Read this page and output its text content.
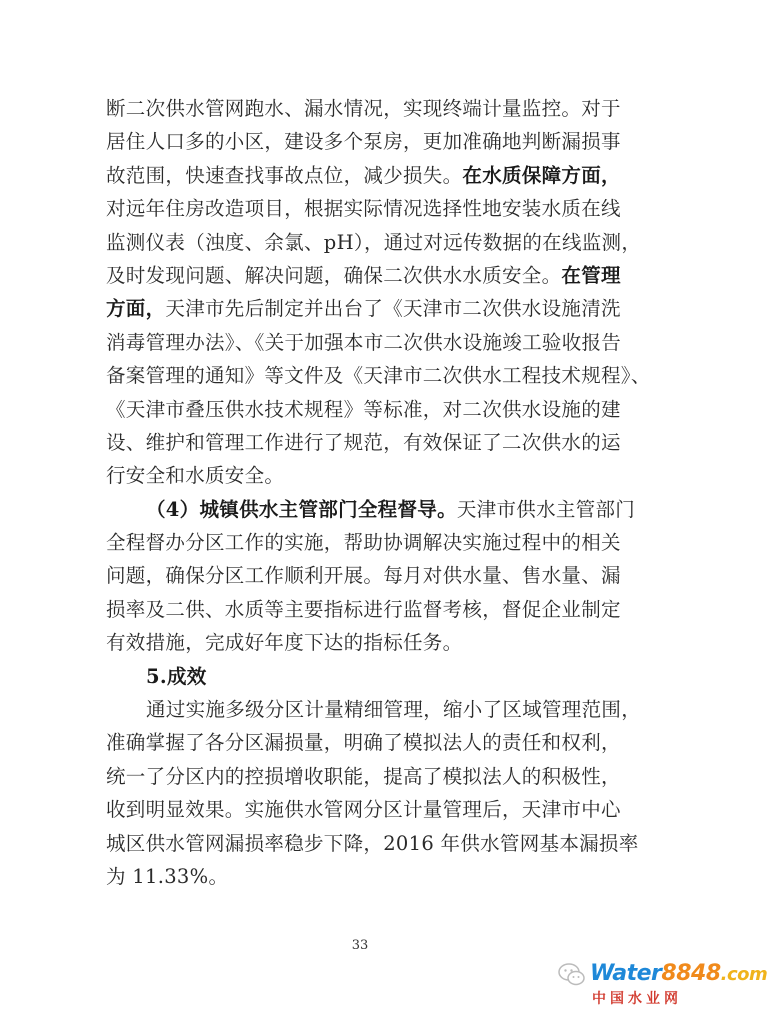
断二次供水管网跑水、漏水情况，实现终端计量监控。对于
居住人口多的小区，建设多个泵房，更加准确地判断漏损事
故范围，快速查找事故点位，减少损失。在水质保障方面，
对远年住房改造项目，根据实际情况选择性地安装水质在线
监测仪表（浊度、余氯、pH），通过对远传数据的在线监测，
及时发现问题、解决问题，确保二次供水水质安全。在管理
方面，天津市先后制定并出台了《天津市二次供水设施清洗
消毒管理办法》、《关于加强本市二次供水设施竣工验收报告
备案管理的通知》等文件及《天津市二次供水工程技术规程》、
《天津市叠压供水技术规程》等标准，对二次供水设施的建
设、维护和管理工作进行了规范，有效保证了二次供水的运
行安全和水质安全。
（4）城镇供水主管部门全程督导。天津市供水主管部门
全程督办分区工作的实施，帮助协调解决实施过程中的相关
问题，确保分区工作顺利开展。每月对供水量、售水量、漏
损率及二供、水质等主要指标进行监督考核，督促企业制定
有效措施，完成好年度下达的指标任务。
5.成效
通过实施多级分区计量精细管理，缩小了区域管理范围，
准确掌握了各分区漏损量，明确了模拟法人的责任和权利，
统一了分区内的控损增收职能，提高了模拟法人的积极性，
收到明显效果。实施供水管网分区计量管理后，天津市中心
城区供水管网漏损率稳步下降，2016 年供水管网基本漏损率
为 11.33%。
33
Water8848.com
中国水业网
